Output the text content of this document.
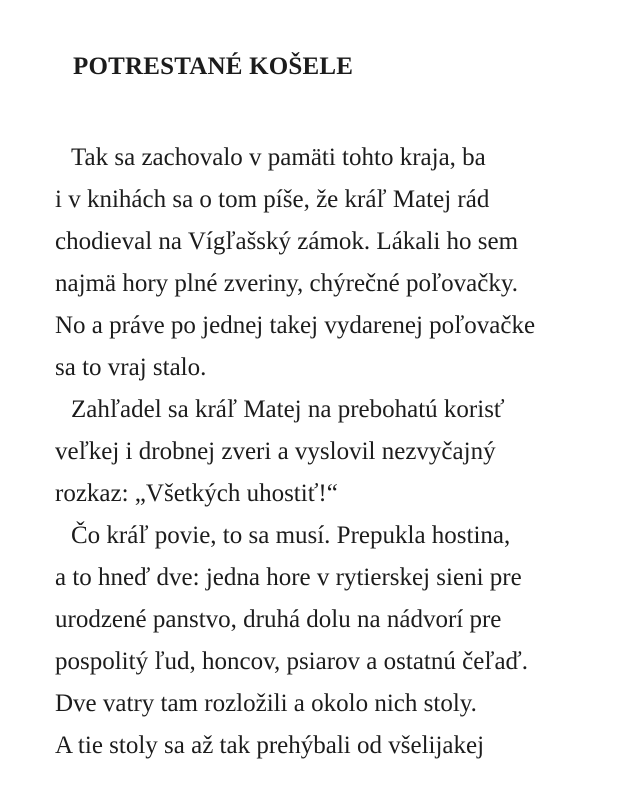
POTRESTANÉ KOŠELE
Tak sa zachovalo v pamäti tohto kraja, ba
i v knihách sa o tom píše, že kráľ Matej rád
chodieval na Vígľašský zámok. Lákali ho sem
najmä hory plné zveriny, chýrečné poľovačky.
No a práve po jednej takej vydarenej poľovačke
sa to vraj stalo.
Zahľadel sa kráľ Matej na prebohatú korisť
veľkej i drobnej zveri a vyslovil nezvyčajný
rozkaz: „Všetkých uhostiť!“
Čo kráľ povie, to sa musí. Prepukla hostina,
a to hneď dve: jedna hore v rytierskej sieni pre
urodzené panstvo, druhá dolu na nádvorí pre
pospolitý ľud, honcov, psiarov a ostatnú čeľaď.
Dve vatry tam rozložili a okolo nich stoly.
A tie stoly sa až tak prehýbali od všelijakej
